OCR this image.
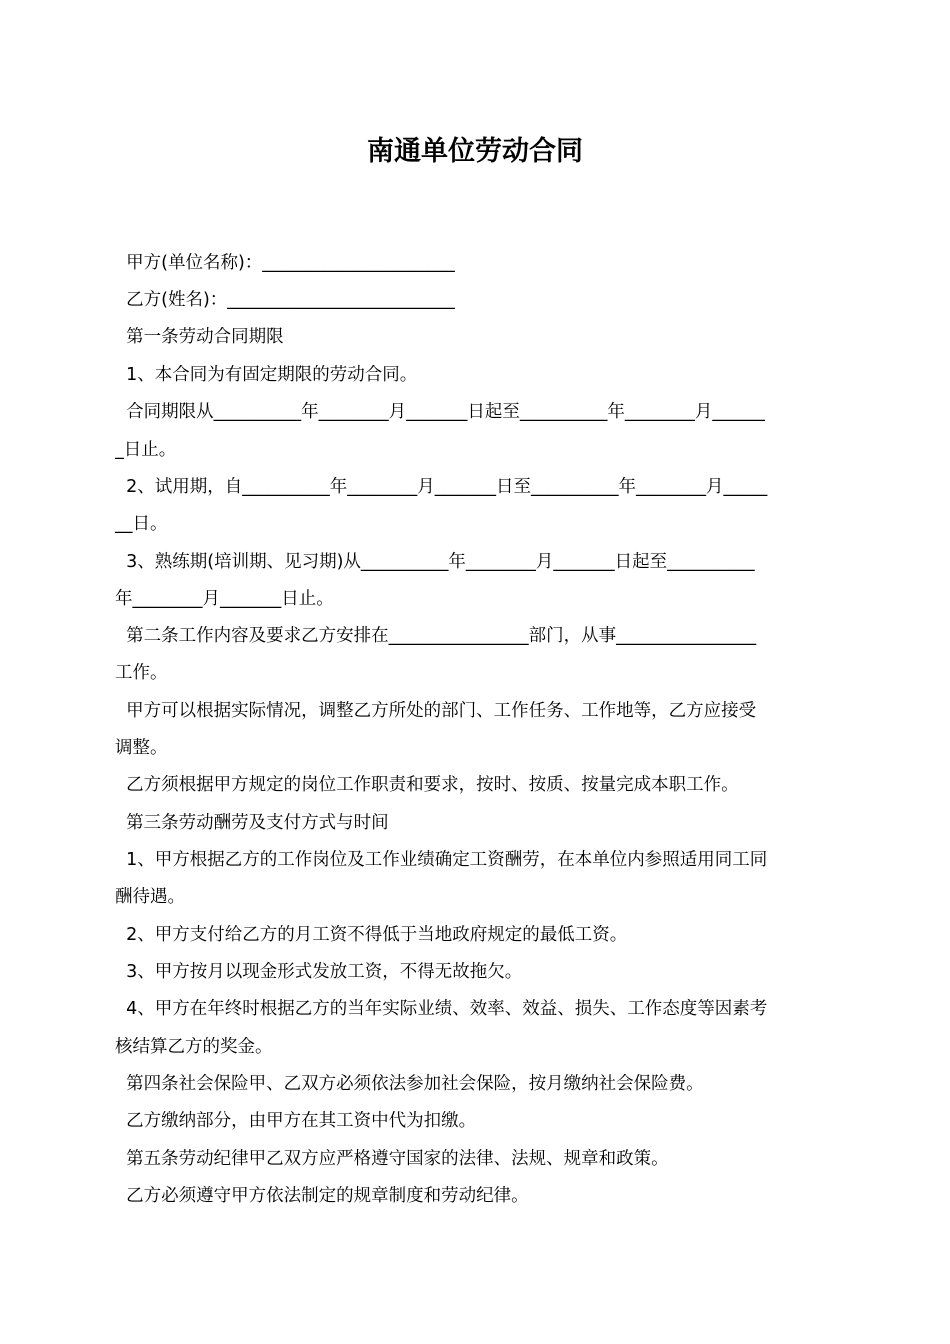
南通单位劳动合同
甲方(单位名称)：______________________
乙方(姓名)：__________________________
第一条劳动合同期限
1、本合同为有固定期限的劳动合同。
合同期限从__________年________月_______日起至__________年________月______
_日止。
2、试用期，自__________年________月_______日至__________年________月_____
__日。
3、熟练期(培训期、见习期)从__________年________月_______日起至__________
年________月_______日止。
第二条工作内容及要求乙方安排在________________部门，从事________________
工作。
甲方可以根据实际情况，调整乙方所处的部门、工作任务、工作地等，乙方应接受
调整。
乙方须根据甲方规定的岗位工作职责和要求，按时、按质、按量完成本职工作。
第三条劳动酬劳及支付方式与时间
1、甲方根据乙方的工作岗位及工作业绩确定工资酬劳，在本单位内参照适用同工同
酬待遇。
2、甲方支付给乙方的月工资不得低于当地政府规定的最低工资。
3、甲方按月以现金形式发放工资，不得无故拖欠。
4、甲方在年终时根据乙方的当年实际业绩、效率、效益、损失、工作态度等因素考
核结算乙方的奖金。
第四条社会保险甲、乙双方必须依法参加社会保险，按月缴纳社会保险费。
乙方缴纳部分，由甲方在其工资中代为扣缴。
第五条劳动纪律甲乙双方应严格遵守国家的法律、法规、规章和政策。
乙方必须遵守甲方依法制定的规章制度和劳动纪律。
